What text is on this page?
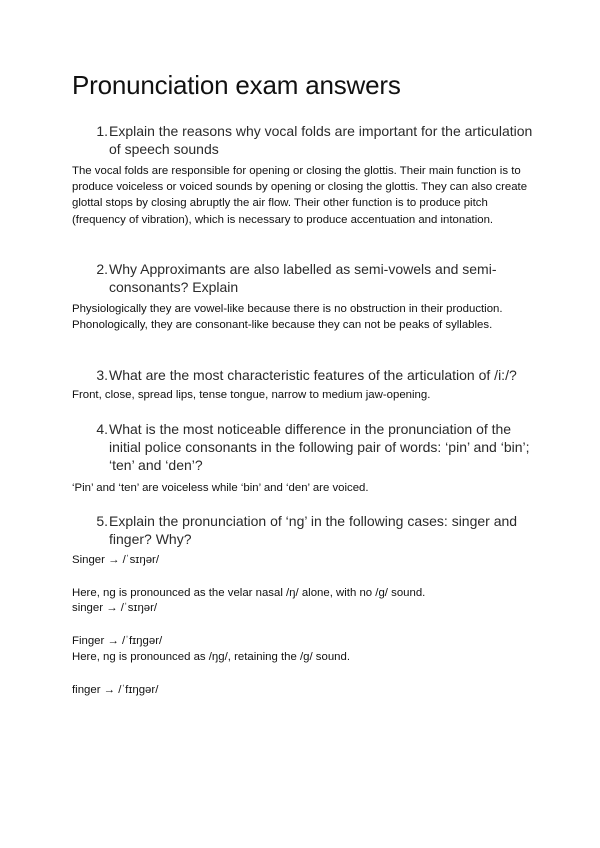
Pronunciation exam answers
1. Explain the reasons why vocal folds are important for the articulation of speech sounds
The vocal folds are responsible for opening or closing the glottis. Their main function is to produce voiceless or voiced sounds by opening or closing the glottis. They can also create glottal stops by closing abruptly the air flow. Their other function is to produce pitch (frequency of vibration), which is necessary to produce accentuation and intonation.
2. Why Approximants are also labelled as semi-vowels and semi-consonants? Explain
Physiologically they are vowel-like because there is no obstruction in their production. Phonologically, they are consonant-like because they can not be peaks of syllables.
3. What are the most characteristic features of the articulation of /i:/?
Front, close, spread lips, tense tongue, narrow to medium jaw-opening.
4. What is the most noticeable difference in the pronunciation of the initial police consonants in the following pair of words: ‘pin’ and ‘bin’; ‘ten’ and ‘den’?
‘Pin’ and ‘ten’ are voiceless while ‘bin’ and ‘den’ are voiced.
5. Explain the pronunciation of ‘ng’ in the following cases: singer and finger? Why?
Singer → /ˈsɪŋər/
Here, ng is pronounced as the velar nasal /ŋ/ alone, with no /g/ sound.
singer → /ˈsɪŋər/
Finger → /ˈfɪŋgər/
Here, ng is pronounced as /ŋg/, retaining the /g/ sound.
finger → /ˈfɪŋgər/
